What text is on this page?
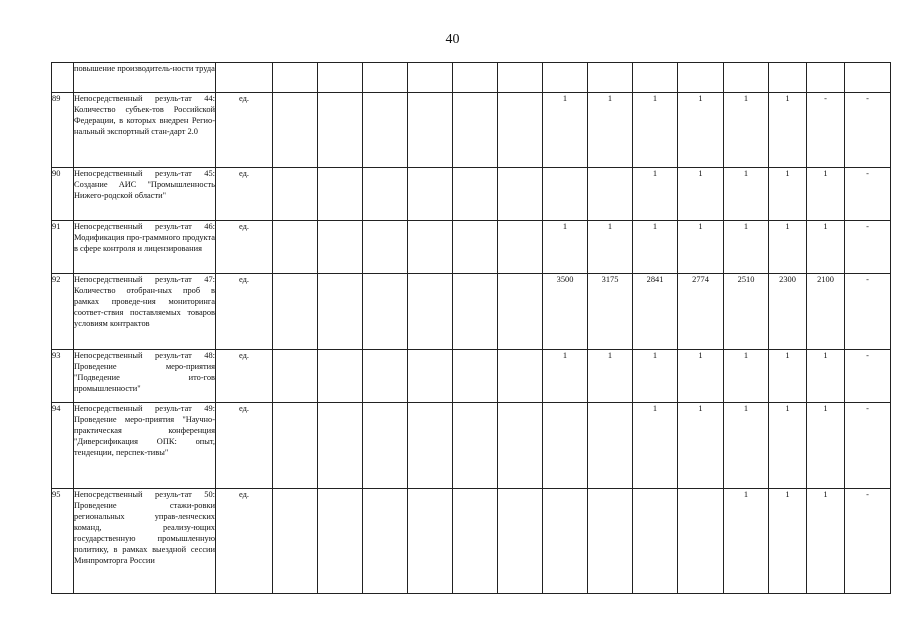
40
	повышение производитель-ности труда															
89	Непосредственный резуль-тат 44: Количество субъек-тов Российской Федерации, в которых внедрен Регио-нальный экспортный стан-дарт 2.0	ед.							1	1	1	1	1	1	-	-
90	Непосредственный резуль-тат 45: Создание АИС "Промышленность Нижего-родской области"	ед.									1	1	1	1	1	-
91	Непосредственный резуль-тат 46: Модификация про-граммного продукта в сфере контроля и лицензирования	ед.							1	1	1	1	1	1	1	-
92	Непосредственный резуль-тат 47: Количество отобран-ных проб в рамках проведе-ния мониторинга соответ-ствия поставляемых товаров условиям контрактов	ед.							3500	3175	2841	2774	2510	2300	2100	-
93	Непосредственный резуль-тат 48: Проведение меро-приятия "Подведение ито-гов промышленности"	ед.							1	1	1	1	1	1	1	-
94	Непосредственный резуль-тат 49: Проведение меро-приятия "Научно-практическая конференция "Диверсификация ОПК: опыт, тенденции, перспек-тивы"	ед.									1	1	1	1	1	-
95	Непосредственный резуль-тат 50: Проведение стажи-ровки региональных управ-ленческих команд, реализу-ющих государственную промышленную политику, в рамках выездной сессии Минпромторга России	ед.											1	1	1	-
